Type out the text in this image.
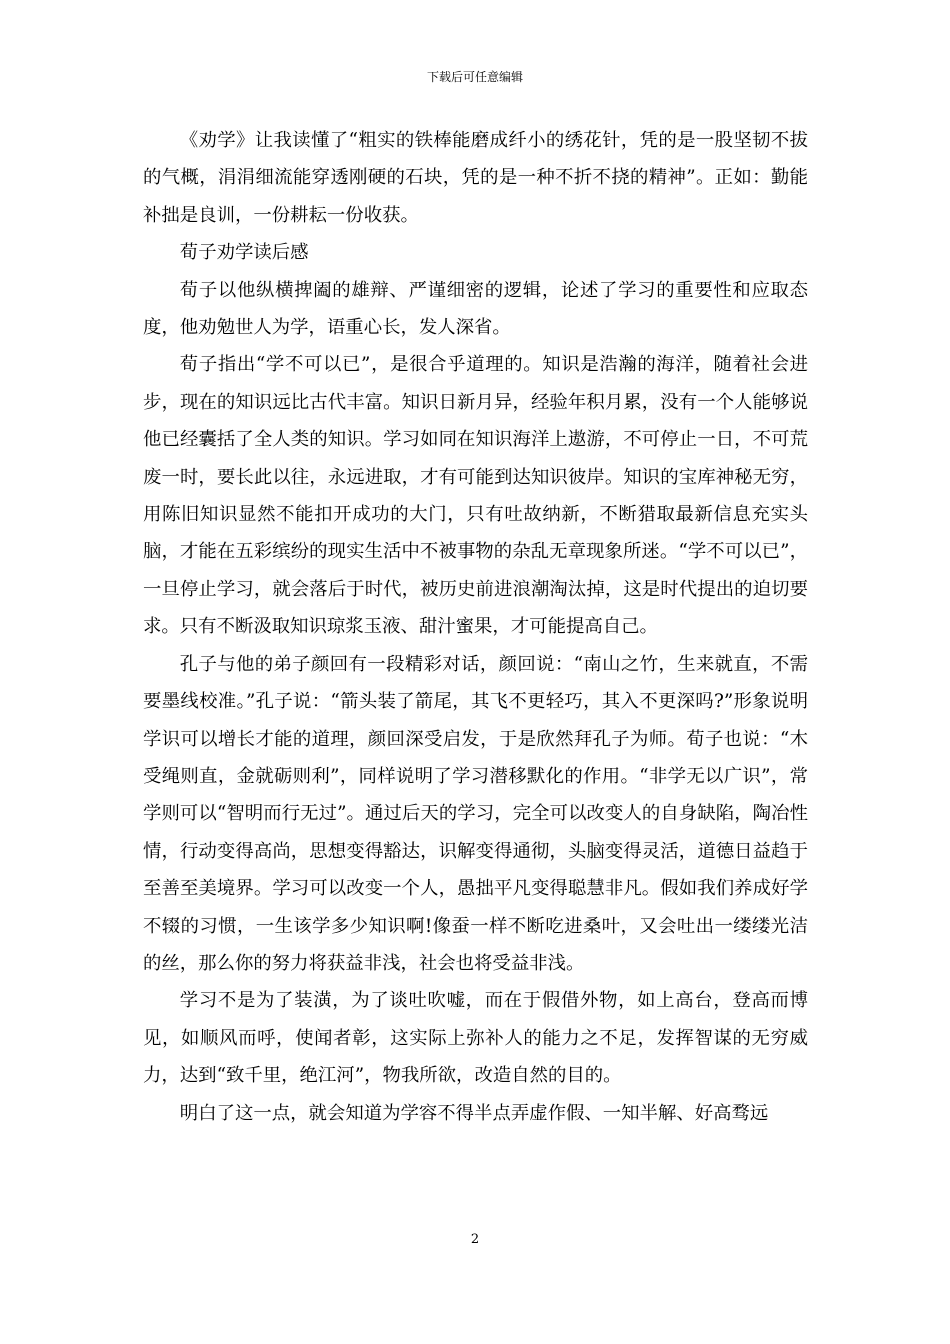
下载后可任意编辑

《劝学》让我读懂了“粗实的铁棒能磨成纤小的绣花针，凭的是一股坚韧不拔的气概，涓涓细流能穿透刚硬的石块，凭的是一种不折不挠的精神”。正如：勤能补拙是良训，一份耕耘一份收获。

荀子劝学读后感

荀子以他纵横捭阖的雄辩、严谨细密的逻辑，论述了学习的重要性和应取态度，他劝勉世人为学，语重心长，发人深省。

荀子指出“学不可以已”，是很合乎道理的。知识是浩瀚的海洋，随着社会进步，现在的知识远比古代丰富。知识日新月异，经验年积月累，没有一个人能够说他已经囊括了全人类的知识。学习如同在知识海洋上遨游，不可停止一日，不可荒废一时，要长此以往，永远进取，才有可能到达知识彼岸。知识的宝库神秘无穷，用陈旧知识显然不能扣开成功的大门，只有吐故纳新，不断猎取最新信息充实头脑，才能在五彩缤纷的现实生活中不被事物的杂乱无章现象所迷。“学不可以已”，一旦停止学习，就会落后于时代，被历史前进浪潮淘汰掉，这是时代提出的迫切要求。只有不断汲取知识琼浆玉液、甜汁蜜果，才可能提高自己。

孔子与他的弟子颜回有一段精彩对话，颜回说：“南山之竹，生来就直，不需要墨线校准。”孔子说：“箭头装了箭尾，其飞不更轻巧，其入不更深吗?”形象说明学识可以增长才能的道理，颜回深受启发，于是欣然拜孔子为师。荀子也说：“木受绳则直，金就砺则利”，同样说明了学习潜移默化的作用。“非学无以广识”，常学则可以“智明而行无过”。通过后天的学习，完全可以改变人的自身缺陷，陶冶性情，行动变得高尚，思想变得豁达，识解变得通彻，头脑变得灵活，道德日益趋于至善至美境界。学习可以改变一个人，愚拙平凡变得聪慧非凡。假如我们养成好学不辍的习惯，一生该学多少知识啊!像蚕一样不断吃进桑叶，又会吐出一缕缕光洁的丝，那么你的努力将获益非浅，社会也将受益非浅。

学习不是为了装潢，为了谈吐吹嘘，而在于假借外物，如上高台，登高而博见，如顺风而呼，使闻者彰，这实际上弥补人的能力之不足，发挥智谋的无穷威力，达到“致千里，绝江河”，物我所欲，改造自然的目的。

明白了这一点，就会知道为学容不得半点弄虚作假、一知半解、好高骛远

2
